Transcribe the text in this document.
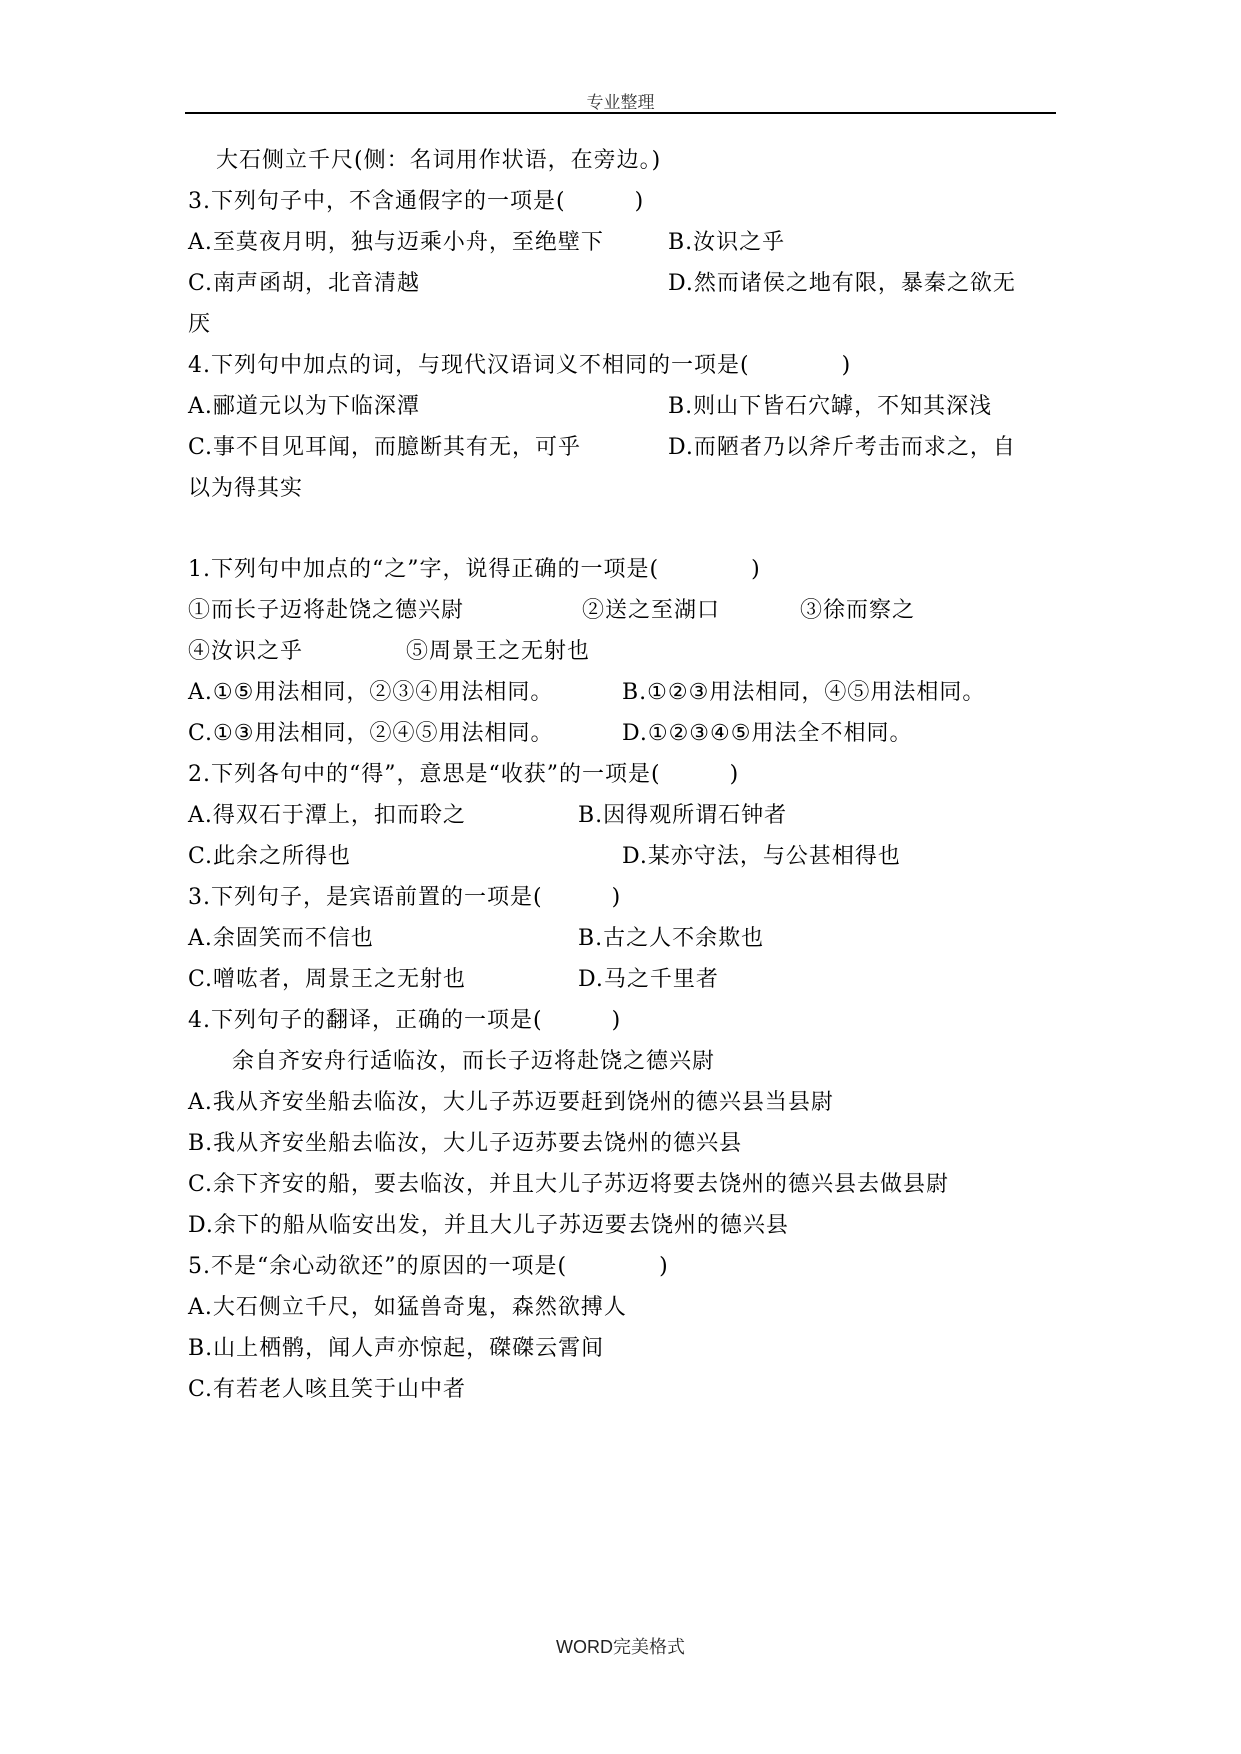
专业整理
大石侧立千尺(侧：名词用作状语，在旁边。)
3.下列句子中，不含通假字的一项是(　　　)
A.至莫夜月明，独与迈乘小舟，至绝壁下	B.汝识之乎
C.南声函胡，北音清越	D.然而诸侯之地有限，暴秦之欲无
厌
4.下列句中加点的词，与现代汉语词义不相同的一项是(　　　　)
A.郦道元以为下临深潭	B.则山下皆石穴罅，不知其深浅
C.事不目见耳闻，而臆断其有无，可乎	D.而陋者乃以斧斤考击而求之，自
以为得其实
1.下列句中加点的“之”字，说得正确的一项是(　　　　)
①而长子迈将赴饶之德兴尉	②送之至湖口	③徐而察之
④汝识之乎	⑤周景王之无射也
A.①⑤用法相同，②③④用法相同。	B.①②③用法相同，④⑤用法相同。
C.①③用法相同，②④⑤用法相同。	D.①②③④⑤用法全不相同。
2.下列各句中的“得”，意思是“收获”的一项是(　　　)
A.得双石于潭上，扣而聆之	B.因得观所谓石钟者
C.此余之所得也	D.某亦守法，与公甚相得也
3.下列句子，是宾语前置的一项是(　　　)
A.余固笑而不信也	B.古之人不余欺也
C.噌吰者，周景王之无射也	D.马之千里者
4.下列句子的翻译，正确的一项是(　　　)
余自齐安舟行适临汝，而长子迈将赴饶之德兴尉
A.我从齐安坐船去临汝，大儿子苏迈要赶到饶州的德兴县当县尉
B.我从齐安坐船去临汝，大儿子迈苏要去饶州的德兴县
C.余下齐安的船，要去临汝，并且大儿子苏迈将要去饶州的德兴县去做县尉
D.余下的船从临安出发，并且大儿子苏迈要去饶州的德兴县
5.不是“余心动欲还”的原因的一项是(　　　　)
A.大石侧立千尺，如猛兽奇鬼，森然欲搏人
B.山上栖鹘，闻人声亦惊起，磔磔云霄间
C.有若老人咳且笑于山中者
WORD完美格式
